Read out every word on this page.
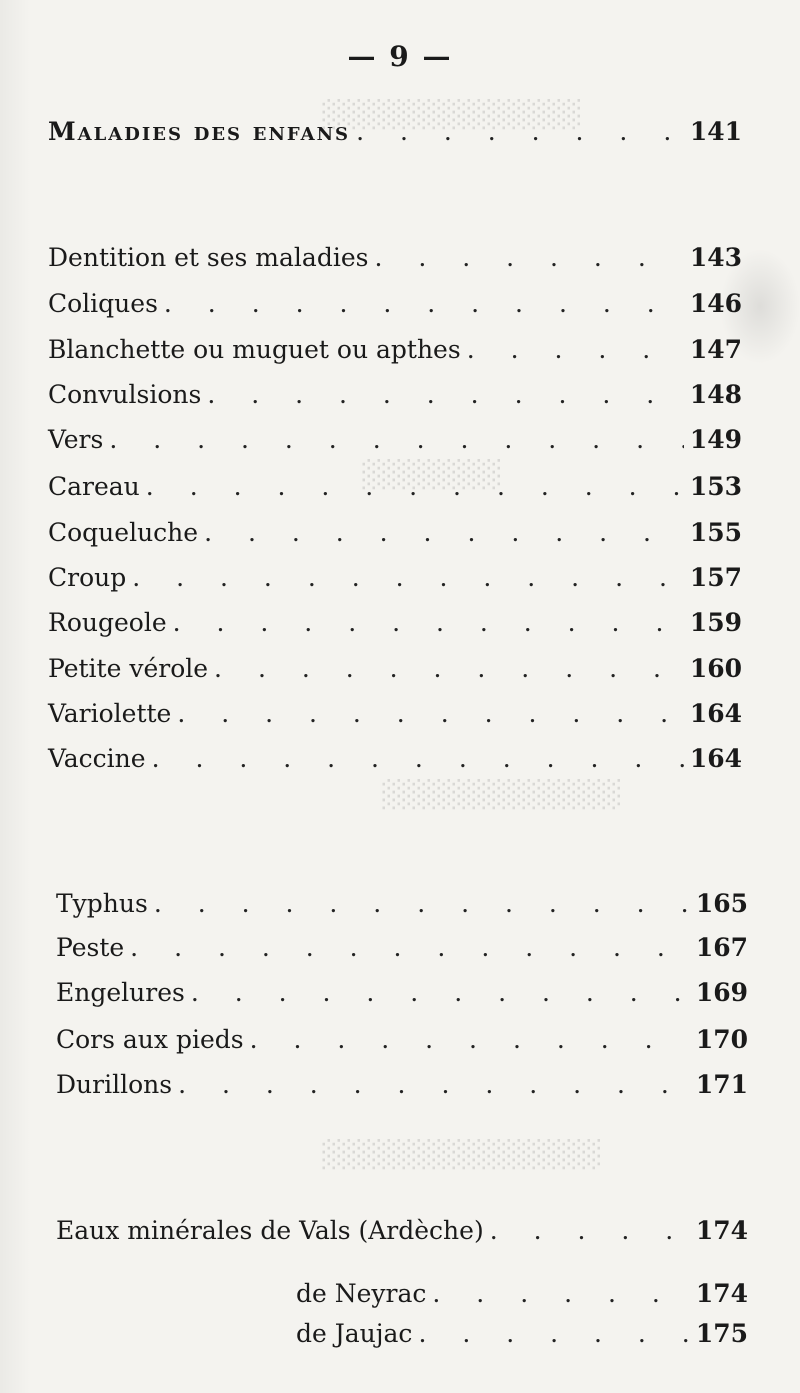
░░░░░░░░░░░░░
░░░░░░░
░░░░░░░░░░░░
░░░░░░░░░░░░░░
— 9 —
Maladies des enfans . . .	141
Dentition et ses maladies . . .	143
Coliques . . .	146
Blanchette ou muguet ou apthes . . .	147
Convulsions . . .	148
Vers . . .	149
Careau . . .	153
Coqueluche . . .	155
Croup . . .	157
Rougeole . . .	159
Petite vérole . . .	160
Variolette . . .	164
Vaccine . . .	164
Typhus . . .	165
Peste . . .	167
Engelures . . .	169
Cors aux pieds . . .	170
Durillons . . .	171
Eaux minérales de Vals (Ardèche) . . .	174
de Neyrac . . .	174
de Jaujac . . .	175
